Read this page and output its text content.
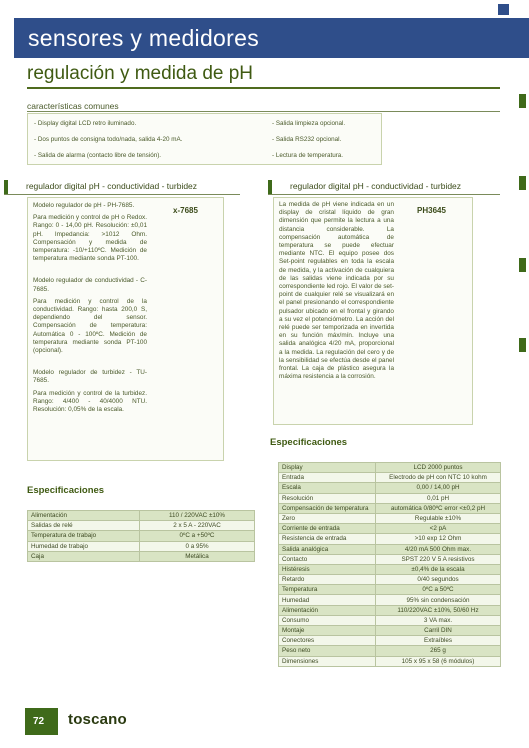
sensores y medidores
regulación y medida de pH
características comunes
- Display digital LCD retro iluminado.
- Dos puntos de consigna todo/nada, salida 4-20 mA.
- Salida de alarma (contacto libre de tensión).
- Salida limpieza opcional.
- Salida RS232 opcional.
- Lectura de temperatura.
regulador digital pH - conductividad - turbidez
x-7685

Modelo regulador de pH - PH-7685.

Para medición y control de pH o Redox. Rango: 0 - 14,00 pH. Resolución: ±0,01 pH. Impedancia: >1012 Ohm. Compensación y medida de temperatura: -10/+110ºC. Medición de temperatura mediante sonda PT-100.

Modelo regulador de conductividad - C-7685.

Para medición y control de la conductividad. Rango: hasta 200,0 S, dependiendo del sensor. Compensación de temperatura: Automática 0 - 100ºC. Medición de temperatura mediante sonda PT-100 (opcional).

Modelo regulador de turbidez - TU-7685.

Para medición y control de la turbidez. Rango: 4/400 - 40/4000 NTU. Resolución: 0,05% de la escala.

Especificaciones
Alimentación	110 / 220VAC ±10%
Salidas de relé	2 x 5 A - 220VAC
Temperatura de trabajo	0ºC a +50ºC
Humedad de trabajo	0 a 95%
Caja	Metálica
regulador digital pH - conductividad - turbidez
PH3645
La medida de pH viene indicada en un display de cristal líquido de gran dimensión que permite la lectura a una distancia considerable. La compensación automática de temperatura se puede efectuar mediante NTC. El equipo posee dos Set-point regulables en toda la escala de medida, y la activación de cualquiera de las salidas viene indicada por su correspondiente led rojo. El valor de set-point de cualquier relé se visualizará en el panel presionando el correspondiente pulsador ubicado en el frontal y girando a su vez el potenciómetro. La acción del relé puede ser temporizada en invertida en su función máx/mín. Incluye una salida analógica 4/20 mA, proporcional a la medida. La regulación del cero y de la sensibilidad se efectúa desde el panel frontal. La caja de plástico asegura la máxima resistencia a la corrosión.
Especificaciones
Display	LCD 2000 puntos
Entrada	Electrodo de pH con NTC 10 kohm
Escala	0,00 / 14,00 pH
Resolución	0,01 pH
Compensación de temperatura	automática 0/80ºC error <±0,2 pH
Zero	Regulable ±10%
Corriente de entrada	<2 pA
Resistencia de entrada	>10 exp 12 Ohm
Salida analógica	4/20 mA 500 Ohm max.
Contacto	SPST 220 V 5 A resistivos
Histéresis	±0,4% de la escala
Retardo	0/40 segundos
Temperatura	0ºC a 50ºC
Humedad	95% sin condensación
Alimentación	110/220VAC ±10%, 50/60 Hz
Consumo	3 VA max.
Montaje	Carril DIN
Conectores	Extraíbles
Peso neto	265 g
Dimensiones	105 x 95 x 58 (6 módulos)
72 toscano
